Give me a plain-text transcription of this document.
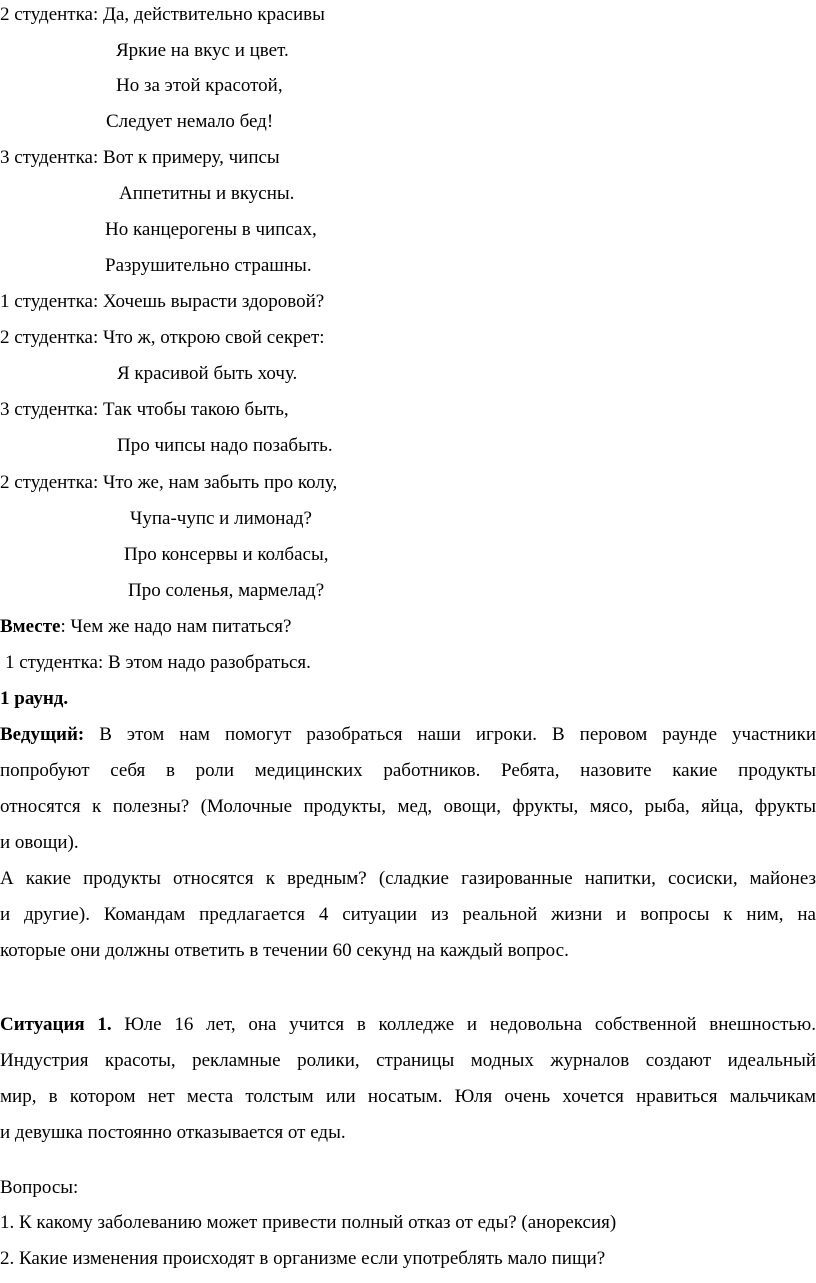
2 студентка: Да, действительно красивы
Яркие на вкус и цвет.
Но за этой красотой,
Следует немало бед!
3 студентка: Вот к примеру, чипсы
Аппетитны и вкусны.
Но канцерогены в чипсах,
Разрушительно страшны.
1 студентка: Хочешь вырасти здоровой?
2 студентка: Что ж, открою свой секрет:
Я красивой быть хочу.
3 студентка: Так чтобы такою быть,
Про чипсы надо позабыть.
2 студентка: Что же, нам забыть про колу,
Чупа-чупс и лимонад?
Про консервы и колбасы,
Про соленья, мармелад?
Вместе: Чем же надо нам питаться?
1 студентка: В этом надо разобраться.
1 раунд.
Ведущий: В этом нам помогут разобраться наши игроки. В перовом раунде участники
попробуют себя в роли медицинских работников. Ребята, назовите какие продукты
относятся к полезны? (Молочные продукты, мед, овощи, фрукты, мясо, рыба, яйца, фрукты
и овощи).
А какие продукты относятся к вредным? (сладкие газированные напитки, сосиски, майонез
и другие). Командам предлагается 4 ситуации из реальной жизни и вопросы к ним, на
которые они должны ответить в течении 60 секунд на каждый вопрос.
Ситуация 1. Юле 16 лет, она учится в колледже и недовольна собственной внешностью.
Индустрия красоты, рекламные ролики, страницы модных журналов создают идеальный
мир, в котором нет места толстым или носатым. Юля очень хочется нравиться мальчикам
и девушка постоянно отказывается от еды.
Вопросы:
1. К какому заболеванию может привести полный отказ от еды? (анорексия)
2. Какие изменения происходят в организме если употреблять мало пищи?
